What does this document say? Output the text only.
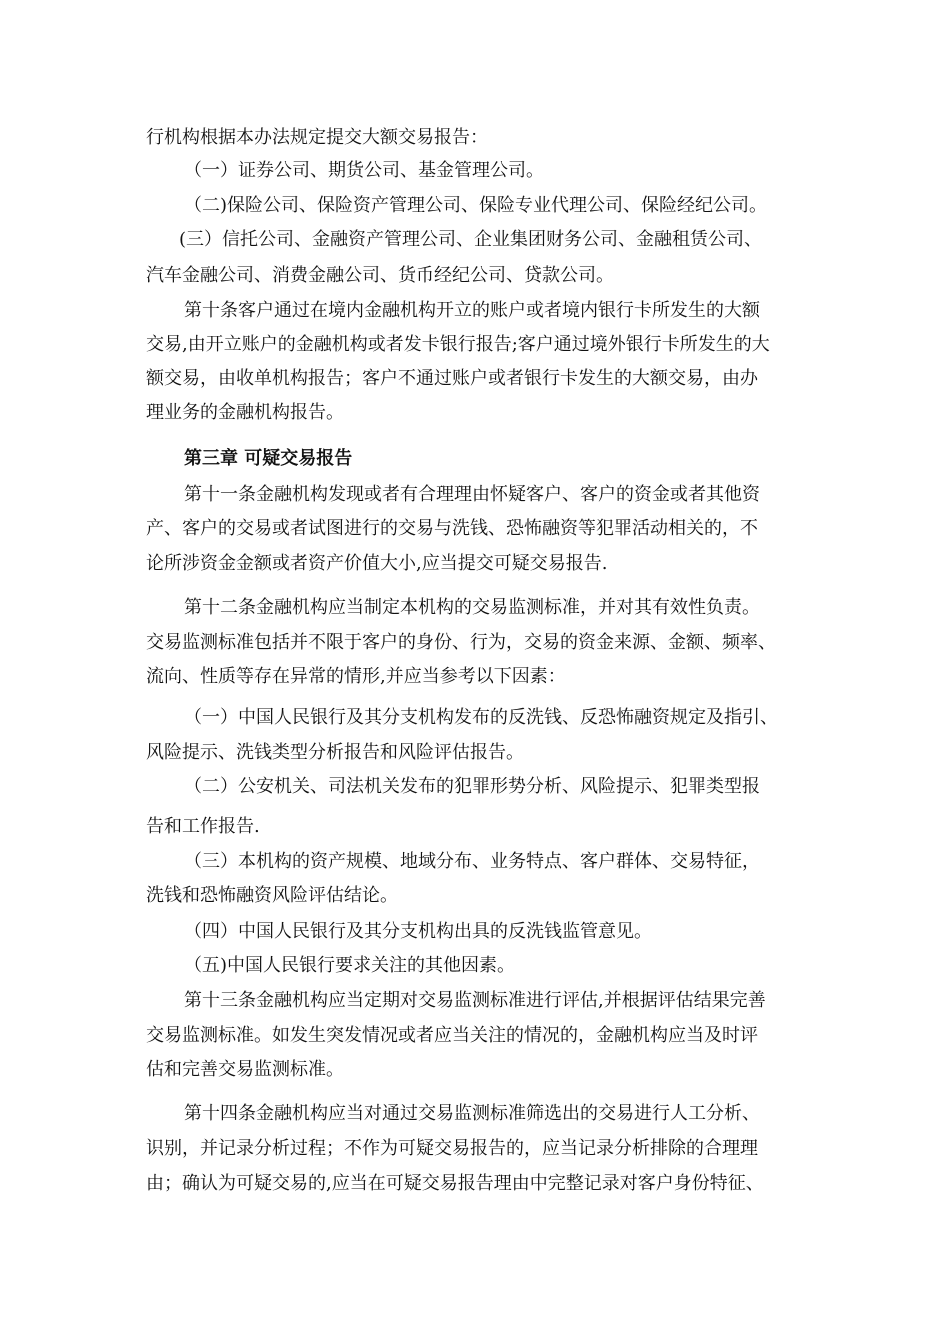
行机构根据本办法规定提交大额交易报告：
（一）证券公司、期货公司、基金管理公司。
（二)保险公司、保险资产管理公司、保险专业代理公司、保险经纪公司。
(三）信托公司、金融资产管理公司、企业集团财务公司、金融租赁公司、
汽车金融公司、消费金融公司、货币经纪公司、贷款公司。
第十条客户通过在境内金融机构开立的账户或者境内银行卡所发生的大额
交易,由开立账户的金融机构或者发卡银行报告;客户通过境外银行卡所发生的大
额交易，由收单机构报告；客户不通过账户或者银行卡发生的大额交易，由办
理业务的金融机构报告。
第三章 可疑交易报告
第十一条金融机构发现或者有合理理由怀疑客户、客户的资金或者其他资
产、客户的交易或者试图进行的交易与洗钱、恐怖融资等犯罪活动相关的，不
论所涉资金金额或者资产价值大小,应当提交可疑交易报告.
第十二条金融机构应当制定本机构的交易监测标准，并对其有效性负责。
交易监测标准包括并不限于客户的身份、行为，交易的资金来源、金额、频率、
流向、性质等存在异常的情形,并应当参考以下因素：
（一）中国人民银行及其分支机构发布的反洗钱、反恐怖融资规定及指引、
风险提示、洗钱类型分析报告和风险评估报告。
（二）公安机关、司法机关发布的犯罪形势分析、风险提示、犯罪类型报
告和工作报告.
（三）本机构的资产规模、地域分布、业务特点、客户群体、交易特征，
洗钱和恐怖融资风险评估结论。
（四）中国人民银行及其分支机构出具的反洗钱监管意见。
（五)中国人民银行要求关注的其他因素。
第十三条金融机构应当定期对交易监测标准进行评估,并根据评估结果完善
交易监测标准。如发生突发情况或者应当关注的情况的，金融机构应当及时评
估和完善交易监测标准。
第十四条金融机构应当对通过交易监测标准筛选出的交易进行人工分析、
识别，并记录分析过程；不作为可疑交易报告的，应当记录分析排除的合理理
由；确认为可疑交易的,应当在可疑交易报告理由中完整记录对客户身份特征、
